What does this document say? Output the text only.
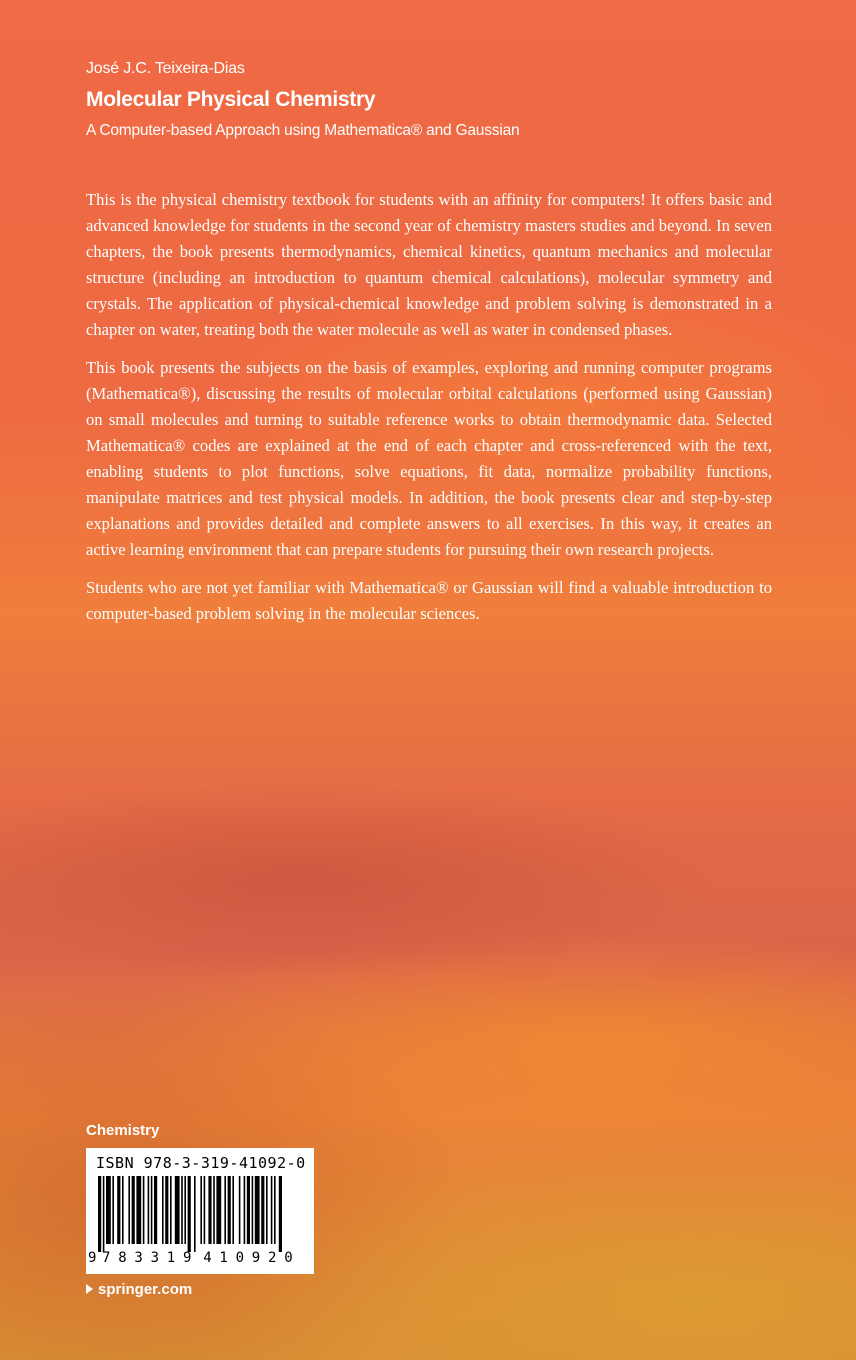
José J.C. Teixeira-Dias
Molecular Physical Chemistry
A Computer-based Approach using Mathematica® and Gaussian

This is the physical chemistry textbook for students with an affinity for computers! It offers basic and advanced knowledge for students in the second year of chemistry masters studies and beyond. In seven chapters, the book presents thermodynamics, chemical kinetics, quantum mechanics and molecular structure (including an introduction to quantum chemical calculations), molecular symmetry and crystals. The application of physical-chemical knowledge and problem solving is demonstrated in a chapter on water, treating both the water molecule as well as water in condensed phases.

This book presents the subjects on the basis of examples, exploring and running computer programs (Mathematica®), discussing the results of molecular orbital calculations (performed using Gaussian) on small molecules and turning to suitable reference works to obtain thermodynamic data. Selected Mathematica® codes are explained at the end of each chapter and cross-referenced with the text, enabling students to plot functions, solve equations, fit data, normalize probability functions, manipulate matrices and test physical models. In addition, the book presents clear and step-by-step explanations and provides detailed and complete answers to all exercises. In this way, it creates an active learning environment that can prepare students for pursuing their own research projects.

Students who are not yet familiar with Mathematica® or Gaussian will find a valuable introduction to computer-based problem solving in the molecular sciences.

Chemistry
ISBN 978-3-319-41092-0
9 7 8 3 3 1 9 4 1 0 9 2 0
springer.com
